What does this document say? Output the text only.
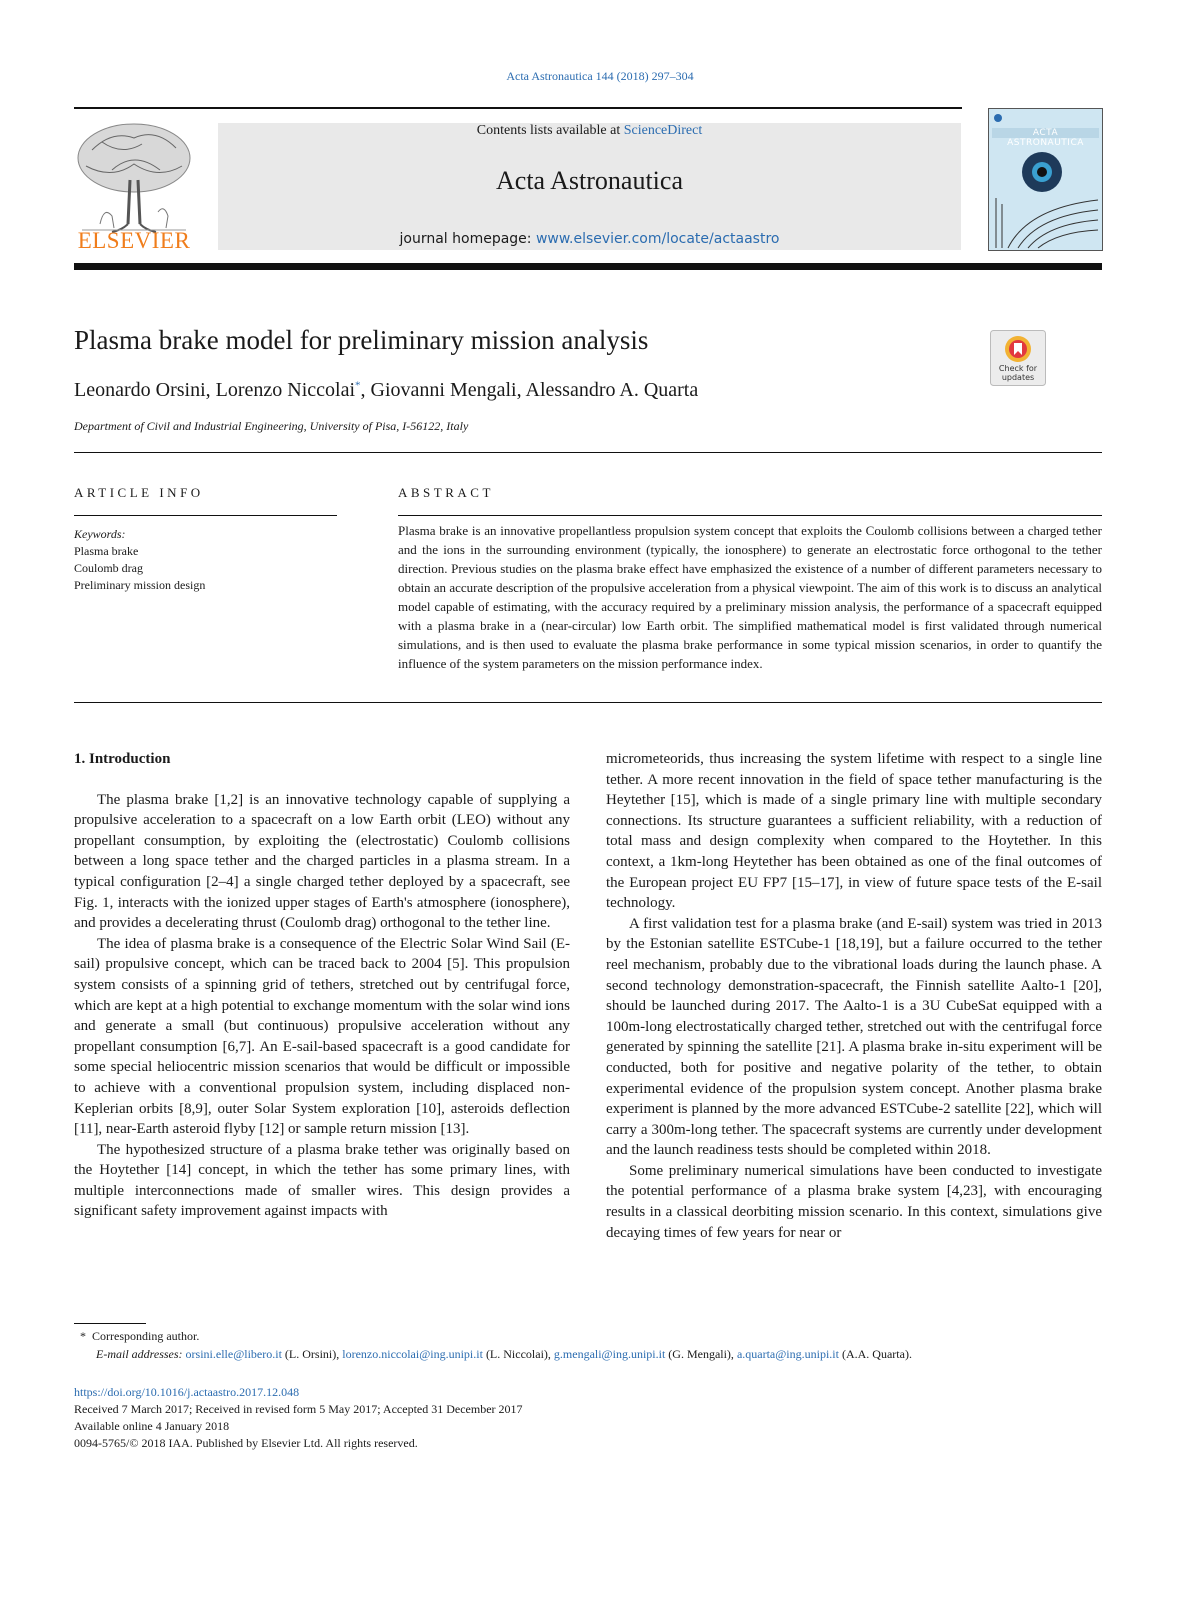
Acta Astronautica 144 (2018) 297–304
ELSEVIER
Contents lists available at ScienceDirect
Acta Astronautica
journal homepage: www.elsevier.com/locate/actaastro
ACTA ASTRONAUTICA
Plasma brake model for preliminary mission analysis
Check for
updates
Leonardo Orsini, Lorenzo Niccolai*, Giovanni Mengali, Alessandro A. Quarta
Department of Civil and Industrial Engineering, University of Pisa, I-56122, Italy
ARTICLE INFO	ABSTRACT
Keywords:
Plasma brake
Coulomb drag
Preliminary mission design
Plasma brake is an innovative propellantless propulsion system concept that exploits the Coulomb collisions between a charged tether and the ions in the surrounding environment (typically, the ionosphere) to generate an electrostatic force orthogonal to the tether direction. Previous studies on the plasma brake effect have emphasized the existence of a number of different parameters necessary to obtain an accurate description of the propulsive acceleration from a physical viewpoint. The aim of this work is to discuss an analytical model capable of estimating, with the accuracy required by a preliminary mission analysis, the performance of a spacecraft equipped with a plasma brake in a (near-circular) low Earth orbit. The simplified mathematical model is first validated through numerical simulations, and is then used to evaluate the plasma brake performance in some typical mission scenarios, in order to quantify the influence of the system parameters on the mission performance index.

1. Introduction

The plasma brake [1,2] is an innovative technology capable of supplying a propulsive acceleration to a spacecraft on a low Earth orbit (LEO) without any propellant consumption, by exploiting the (electrostatic) Coulomb collisions between a long space tether and the charged particles in a plasma stream. In a typical configuration [2–4] a single charged tether deployed by a spacecraft, see Fig. 1, interacts with the ionized upper stages of Earth's atmosphere (ionosphere), and provides a decelerating thrust (Coulomb drag) orthogonal to the tether line.

The idea of plasma brake is a consequence of the Electric Solar Wind Sail (E-sail) propulsive concept, which can be traced back to 2004 [5]. This propulsion system consists of a spinning grid of tethers, stretched out by centrifugal force, which are kept at a high potential to exchange momentum with the solar wind ions and generate a small (but continuous) propulsive acceleration without any propellant consumption [6,7]. An E-sail-based spacecraft is a good candidate for some special heliocentric mission scenarios that would be difficult or impossible to achieve with a conventional propulsion system, including displaced non-Keplerian orbits [8,9], outer Solar System exploration [10], asteroids deflection [11], near-Earth asteroid flyby [12] or sample return mission [13].

The hypothesized structure of a plasma brake tether was originally based on the Hoytether [14] concept, in which the tether has some primary lines, with multiple interconnections made of smaller wires. This design provides a significant safety improvement against impacts with

micrometeorids, thus increasing the system lifetime with respect to a single line tether. A more recent innovation in the field of space tether manufacturing is the Heytether [15], which is made of a single primary line with multiple secondary connections. Its structure guarantees a sufficient reliability, with a reduction of total mass and design complexity when compared to the Hoytether. In this context, a 1km-long Heytether has been obtained as one of the final outcomes of the European project EU FP7 [15–17], in view of future space tests of the E-sail technology.

A first validation test for a plasma brake (and E-sail) system was tried in 2013 by the Estonian satellite ESTCube-1 [18,19], but a failure occurred to the tether reel mechanism, probably due to the vibrational loads during the launch phase. A second technology demonstration-spacecraft, the Finnish satellite Aalto-1 [20], should be launched during 2017. The Aalto-1 is a 3U CubeSat equipped with a 100m-long electrostatically charged tether, stretched out with the centrifugal force generated by spinning the satellite [21]. A plasma brake in-situ experiment will be conducted, both for positive and negative polarity of the tether, to obtain experimental evidence of the propulsion system concept. Another plasma brake experiment is planned by the more advanced ESTCube-2 satellite [22], which will carry a 300m-long tether. The spacecraft systems are currently under development and the launch readiness tests should be completed within 2018.

Some preliminary numerical simulations have been conducted to investigate the potential performance of a plasma brake system [4,23], with encouraging results in a classical deorbiting mission scenario. In this context, simulations give decaying times of few years for near or

* Corresponding author.
E-mail addresses: orsini.elle@libero.it (L. Orsini), lorenzo.niccolai@ing.unipi.it (L. Niccolai), g.mengali@ing.unipi.it (G. Mengali), a.quarta@ing.unipi.it (A.A. Quarta).
https://doi.org/10.1016/j.actaastro.2017.12.048
Received 7 March 2017; Received in revised form 5 May 2017; Accepted 31 December 2017
Available online 4 January 2018
0094-5765/© 2018 IAA. Published by Elsevier Ltd. All rights reserved.
